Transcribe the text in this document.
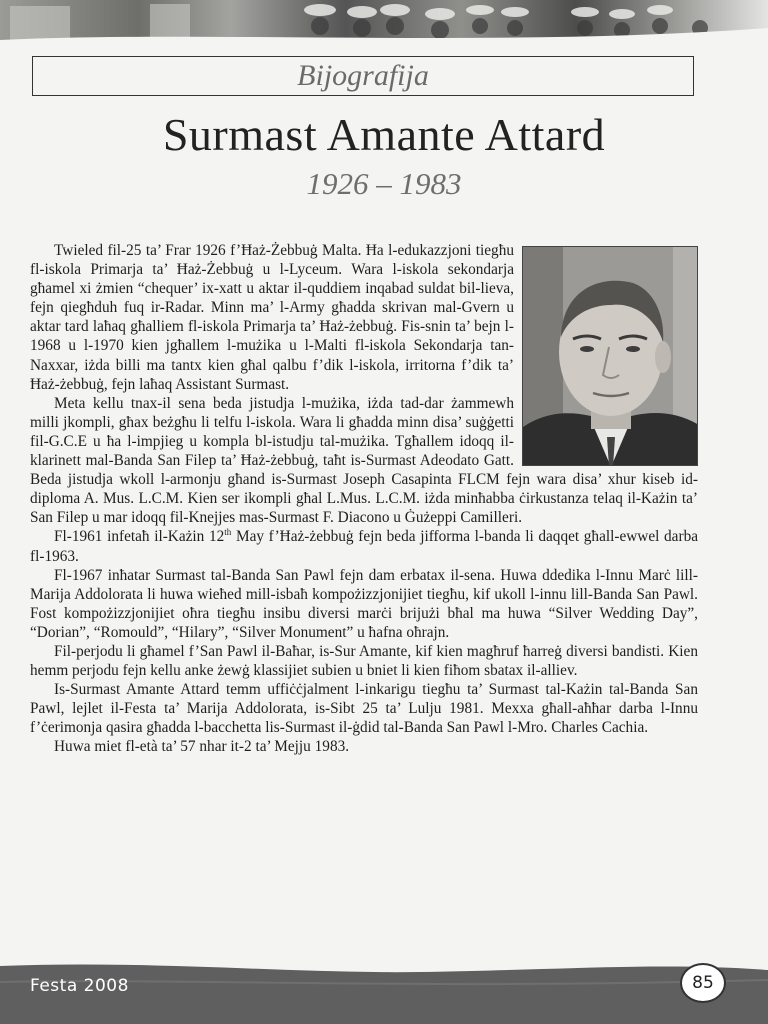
Bijografija
Surmast Amante Attard
1926 – 1983

Twieled fil-25 ta’ Frar 1926 f’Ħaż-Żebbuġ Malta. Ħa l-edukazzjoni tiegħu fl-iskola Primarja ta’ Ħaż-Żebbuġ u l-Lyceum. Wara l-iskola sekondarja għamel xi żmien “chequer’ ix-xatt u aktar il-quddiem inqabad suldat bil-lieva, fejn qiegħduh fuq ir-Radar. Minn ma’ l-Army għadda skrivan mal-Gvern u aktar tard laħaq għalliem fl-iskola Primarja ta’ Ħaż-żebbuġ. Fis-snin ta’ bejn l-1968 u l-1970 kien jgħallem l-mużika u l-Malti fl-iskola Sekondarja tan-Naxxar, iżda billi ma tantx kien għal qalbu f’dik l-iskola, irritorna f’dik ta’ Ħaż-żebbuġ, fejn laħaq Assistant Surmast.

Meta kellu tnax-il sena beda jistudja l-mużika, iżda tad-dar żammewh milli jkompli, għax beżgħu li telfu l-iskola. Wara li għadda minn disa’ suġġetti fil-G.C.E u ħa l-impjieg u kompla bl-istudju tal-mużika. Tgħallem idoqq il-klarinett mal-Banda San Filep ta’ Ħaż-żebbuġ, taħt is-Surmast Adeodato Gatt. Beda jistudja wkoll l-armonju għand is-Surmast Joseph Casapinta FLCM fejn wara disa’ xhur kiseb id-diploma A. Mus. L.C.M. Kien ser ikompli għal L.Mus. L.C.M. iżda minħabba ċirkustanza telaq il-Każin ta’ San Filep u mar idoqq fil-Knejjes mas-Surmast F. Diacono u Ġużeppi Camilleri.

Fl-1961 infetaħ il-Każin 12th May f’Ħaż-żebbuġ fejn beda jifforma l-banda li daqqet għall-ewwel darba fl-1963.

Fl-1967 inħatar Surmast tal-Banda San Pawl fejn dam erbatax il-sena. Huwa ddedika l-Innu Marċ lill-Marija Addolorata li huwa wieħed mill-isbaħ kompożizzjonijiet tiegħu, kif ukoll l-innu lill-Banda San Pawl. Fost kompożizzjonijiet oħra tiegħu insibu diversi marċi brijużi bħal ma huwa “Silver Wedding Day”, “Dorian”, “Romould”, “Hilary”, “Silver Monument” u ħafna oħrajn.

Fil-perjodu li għamel f’San Pawl il-Baħar, is-Sur Amante, kif kien magħruf ħarreġ diversi bandisti. Kien hemm perjodu fejn kellu anke żewġ klassijiet subien u bniet li kien fiħom sbatax il-alliev.

Is-Surmast Amante Attard temm uffiċċjalment l-inkarigu tiegħu ta’ Surmast tal-Każin tal-Banda San Pawl, lejlet il-Festa ta’ Marija Addolorata, is-Sibt 25 ta’ Lulju 1981. Mexxa għall-aħħar darba l-Innu f’ċerimonja qasira għadda l-bacchetta lis-Surmast il-ġdid tal-Banda San Pawl l-Mro. Charles Cachia.

Huwa miet fl-età ta’ 57 nhar it-2 ta’ Mejju 1983.

Festa 2008	85
